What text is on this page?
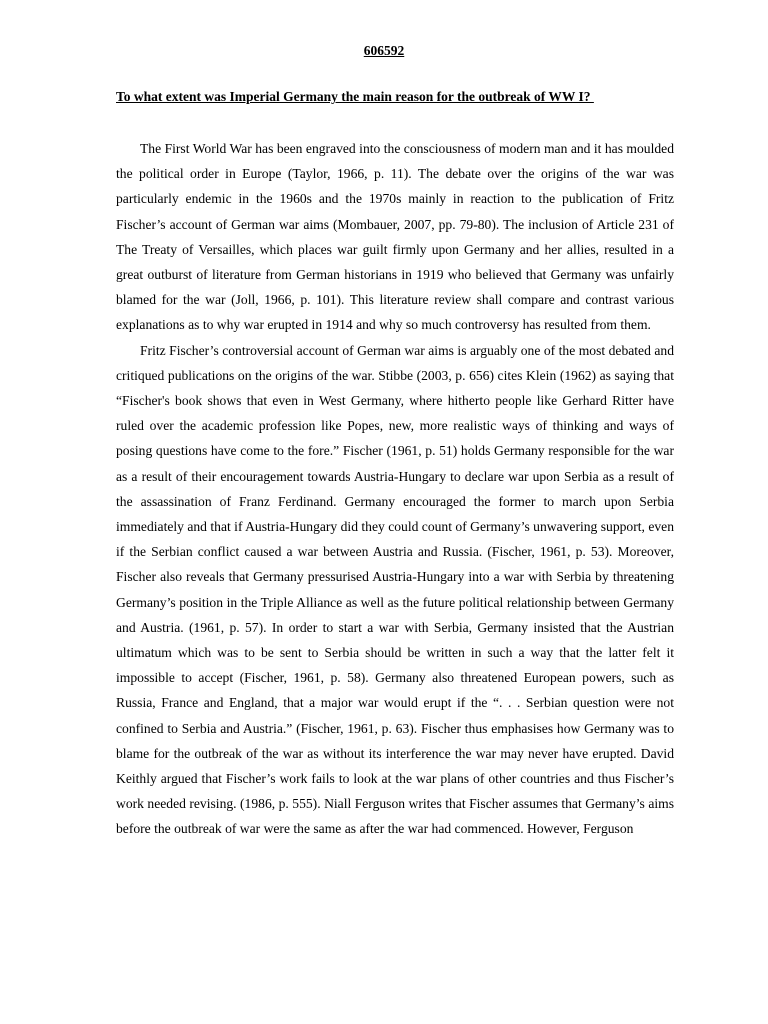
606592
To what extent was Imperial Germany the main reason for the outbreak of WW I?

The First World War has been engraved into the consciousness of modern man and it has moulded the political order in Europe (Taylor, 1966, p. 11). The debate over the origins of the war was particularly endemic in the 1960s and the 1970s mainly in reaction to the publication of Fritz Fischer’s account of German war aims (Mombauer, 2007, pp. 79-80). The inclusion of Article 231 of The Treaty of Versailles, which places war guilt firmly upon Germany and her allies, resulted in a great outburst of literature from German historians in 1919 who believed that Germany was unfairly blamed for the war (Joll, 1966, p. 101). This literature review shall compare and contrast various explanations as to why war erupted in 1914 and why so much controversy has resulted from them.

Fritz Fischer’s controversial account of German war aims is arguably one of the most debated and critiqued publications on the origins of the war. Stibbe (2003, p. 656) cites Klein (1962) as saying that “Fischer's book shows that even in West Germany, where hitherto people like Gerhard Ritter have ruled over the academic profession like Popes, new, more realistic ways of thinking and ways of posing questions have come to the fore.” Fischer (1961, p. 51) holds Germany responsible for the war as a result of their encouragement towards Austria-Hungary to declare war upon Serbia as a result of the assassination of Franz Ferdinand. Germany encouraged the former to march upon Serbia immediately and that if Austria-Hungary did they could count of Germany’s unwavering support, even if the Serbian conflict caused a war between Austria and Russia. (Fischer, 1961, p. 53). Moreover, Fischer also reveals that Germany pressurised Austria-Hungary into a war with Serbia by threatening Germany’s position in the Triple Alliance as well as the future political relationship between Germany and Austria. (1961, p. 57). In order to start a war with Serbia, Germany insisted that the Austrian ultimatum which was to be sent to Serbia should be written in such a way that the latter felt it impossible to accept (Fischer, 1961, p. 58). Germany also threatened European powers, such as Russia, France and England, that a major war would erupt if the “. . . Serbian question were not confined to Serbia and Austria.” (Fischer, 1961, p. 63). Fischer thus emphasises how Germany was to blame for the outbreak of the war as without its interference the war may never have erupted. David Keithly argued that Fischer’s work fails to look at the war plans of other countries and thus Fischer’s work needed revising. (1986, p. 555). Niall Ferguson writes that Fischer assumes that Germany’s aims before the outbreak of war were the same as after the war had commenced. However, Ferguson
